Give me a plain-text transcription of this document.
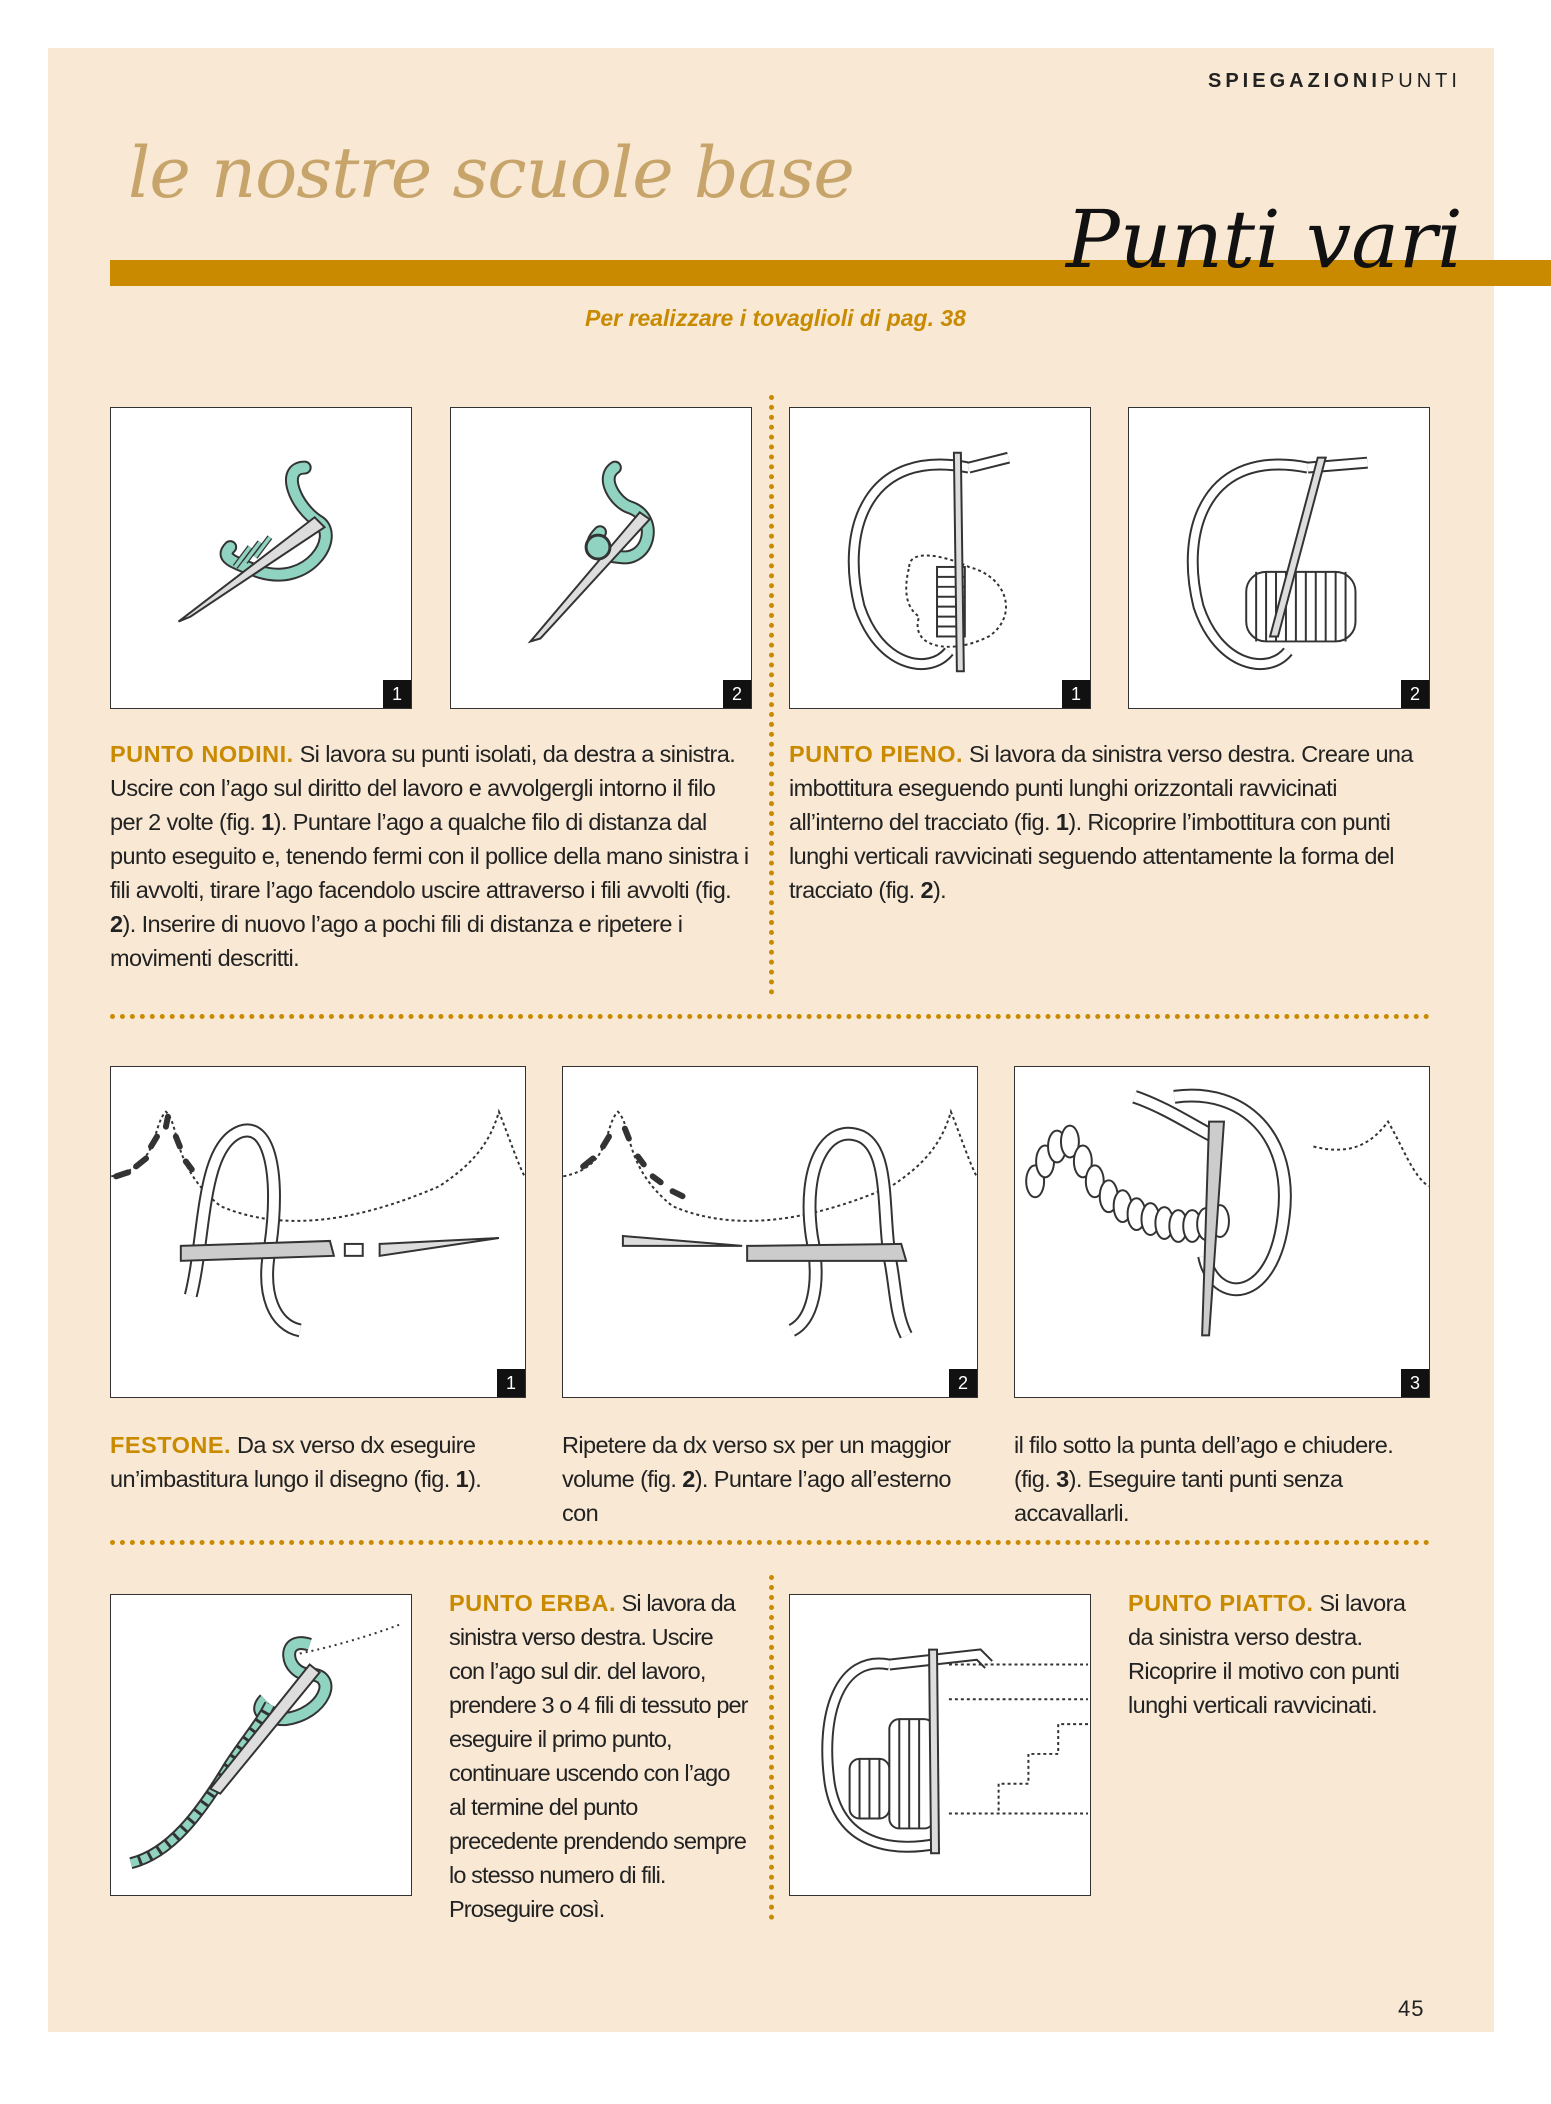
SPIEGAZIONIPUNTI
le nostre scuole base
Punti vari
Per realizzare i tovaglioli di pag. 38
1	2	1	2
PUNTO NODINI. Si lavora su punti isolati, da destra a sinistra. Uscire con l’ago sul diritto del lavoro e avvolgergli intorno il filo per 2 volte (fig. 1). Puntare l’ago a qualche filo di distanza dal punto eseguito e, tenendo fermi con il pollice della mano sinistra i fili avvolti, tirare l’ago facendolo uscire attraverso i fili avvolti (fig. 2). Inserire di nuovo l’ago a pochi fili di distanza e ripetere i movimenti descritti.
PUNTO PIENO. Si lavora da sinistra verso destra. Creare una imbottitura eseguendo punti lunghi orizzontali ravvicinati all’interno del tracciato (fig. 1). Ricoprire l’imbottitura con punti lunghi verticali ravvicinati seguendo attentamente la forma del tracciato (fig. 2).
1	2	3
FESTONE. Da sx verso dx eseguire un’imbastitura lungo il disegno (fig. 1).
Ripetere da dx verso sx per un maggior volume (fig. 2). Puntare l’ago all’esterno con
il filo sotto la punta dell’ago e chiudere. (fig. 3). Eseguire tanti punti senza accavallarli.
PUNTO ERBA. Si lavora da sinistra verso destra. Uscire con l’ago sul dir. del lavoro, prendere 3 o 4 fili di tessuto per eseguire il primo punto, continuare uscendo con l’ago al termine del punto precedente prendendo sempre lo stesso numero di fili. Proseguire così.
PUNTO PIATTO. Si lavora da sinistra verso destra. Ricoprire il motivo con punti lunghi verticali ravvicinati.
45
